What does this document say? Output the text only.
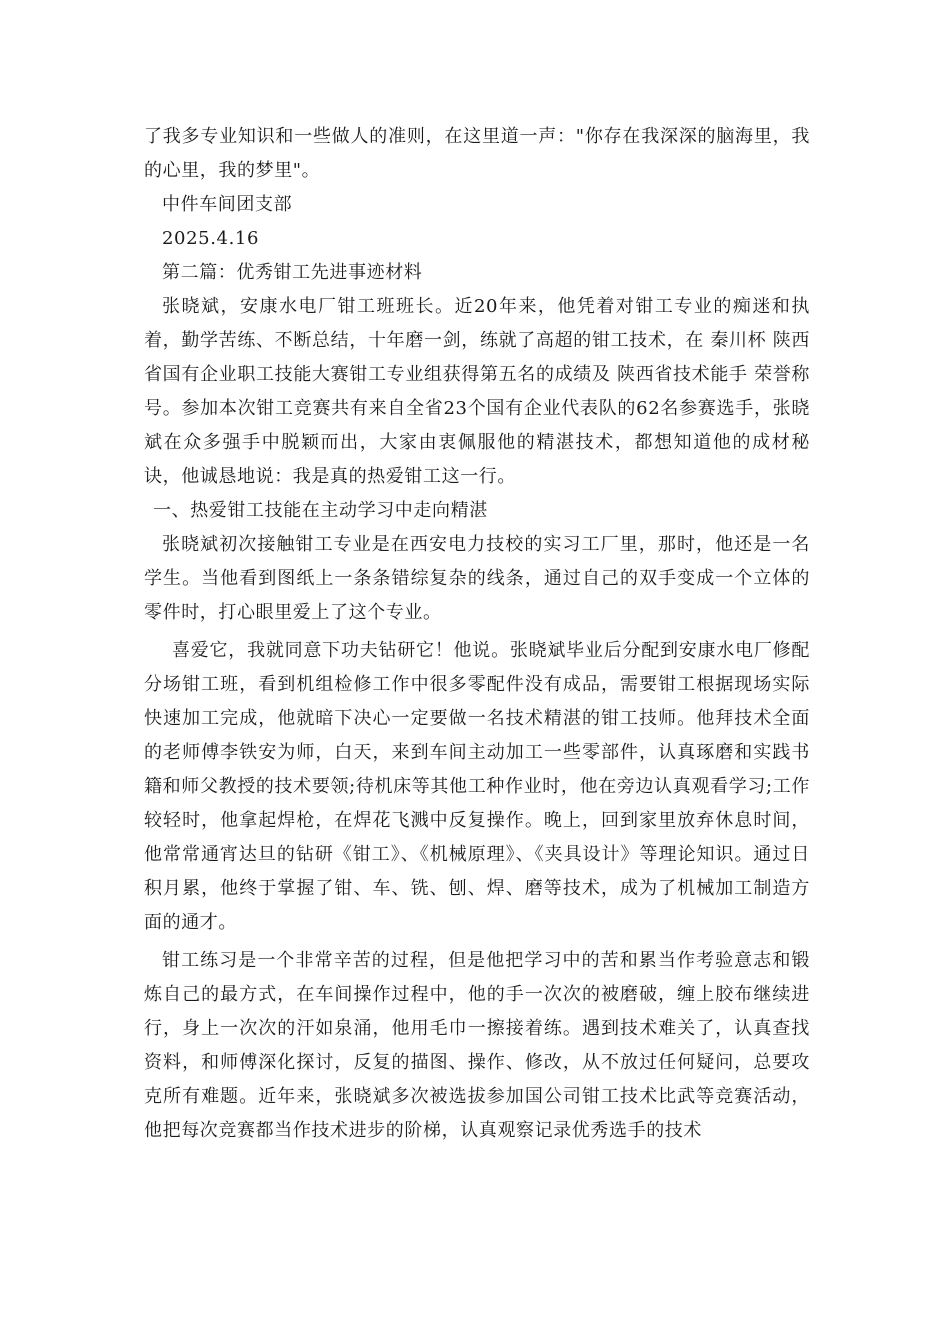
了我多专业知识和一些做人的准则，在这里道一声："你存在我深深的脑海里，我的心里，我的梦里"。

中件车间团支部

2025.4.16

第二篇：优秀钳工先进事迹材料

张晓斌，安康水电厂钳工班班长。近20年来，他凭着对钳工专业的痴迷和执着，勤学苦练、不断总结，十年磨一剑，练就了高超的钳工技术，在 秦川杯 陕西省国有企业职工技能大赛钳工专业组获得第五名的成绩及 陕西省技术能手 荣誉称号。参加本次钳工竞赛共有来自全省23个国有企业代表队的62名参赛选手，张晓斌在众多强手中脱颖而出，大家由衷佩服他的精湛技术，都想知道他的成材秘诀，他诚恳地说：我是真的热爱钳工这一行。

一、热爱钳工技能在主动学习中走向精湛

张晓斌初次接触钳工专业是在西安电力技校的实习工厂里，那时，他还是一名学生。当他看到图纸上一条条错综复杂的线条，通过自己的双手变成一个立体的零件时，打心眼里爱上了这个专业。

喜爱它，我就同意下功夫钻研它！他说。张晓斌毕业后分配到安康水电厂修配分场钳工班，看到机组检修工作中很多零配件没有成品，需要钳工根据现场实际快速加工完成，他就暗下决心一定要做一名技术精湛的钳工技师。他拜技术全面的老师傅李铁安为师，白天，来到车间主动加工一些零部件，认真琢磨和实践书籍和师父教授的技术要领;待机床等其他工种作业时，他在旁边认真观看学习;工作较轻时，他拿起焊枪，在焊花飞溅中反复操作。晚上，回到家里放弃休息时间，他常常通宵达旦的钻研《钳工》、《机械原理》、《夹具设计》等理论知识。通过日积月累，他终于掌握了钳、车、铣、刨、焊、磨等技术，成为了机械加工制造方面的通才。

钳工练习是一个非常辛苦的过程，但是他把学习中的苦和累当作考验意志和锻炼自己的最方式，在车间操作过程中，他的手一次次的被磨破，缠上胶布继续进行，身上一次次的汗如泉涌，他用毛巾一擦接着练。遇到技术难关了，认真查找资料，和师傅深化探讨，反复的描图、操作、修改，从不放过任何疑问，总要攻克所有难题。近年来，张晓斌多次被选拔参加国公司钳工技术比武等竞赛活动，他把每次竞赛都当作技术进步的阶梯，认真观察记录优秀选手的技术
